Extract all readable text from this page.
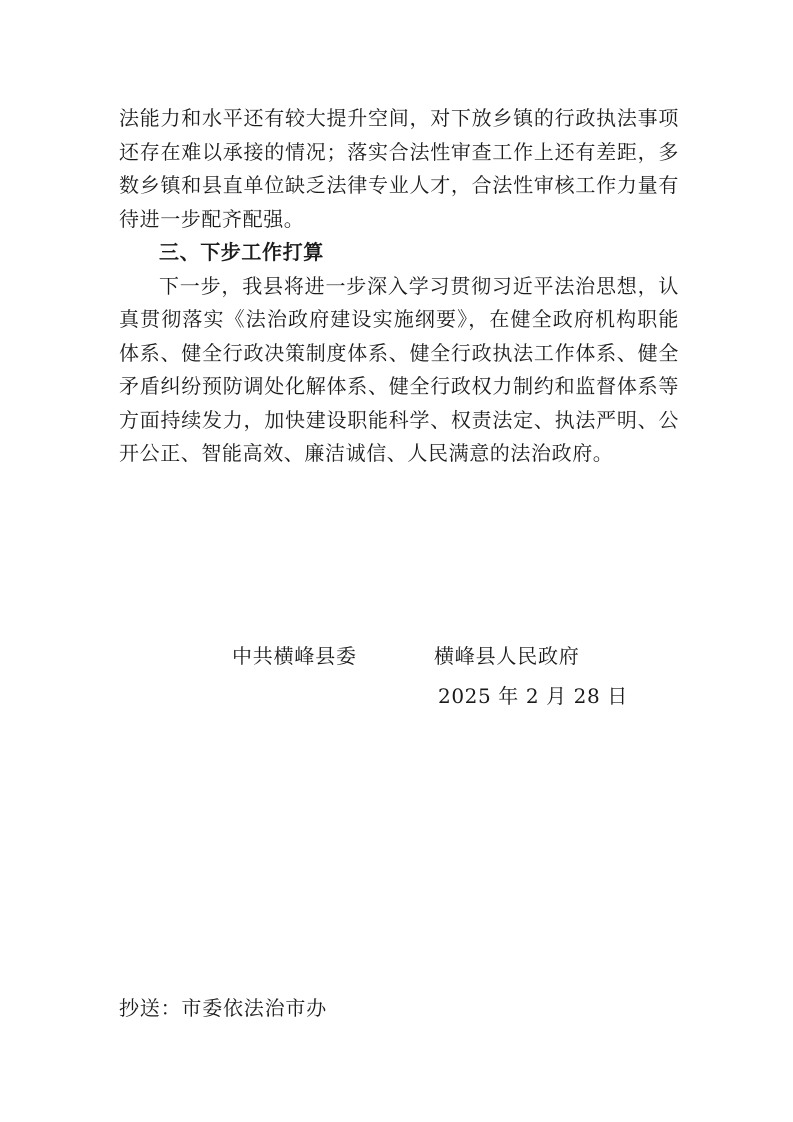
法能力和水平还有较大提升空间，对下放乡镇的行政执法事项还存在难以承接的情况；落实合法性审查工作上还有差距，多数乡镇和县直单位缺乏法律专业人才，合法性审核工作力量有待进一步配齐配强。

三、下步工作打算

下一步，我县将进一步深入学习贯彻习近平法治思想，认真贯彻落实《法治政府建设实施纲要》，在健全政府机构职能体系、健全行政决策制度体系、健全行政执法工作体系、健全矛盾纠纷预防调处化解体系、健全行政权力制约和监督体系等方面持续发力，加快建设职能科学、权责法定、执法严明、公开公正、智能高效、廉洁诚信、人民满意的法治政府。

中共横峰县委	横峰县人民政府
2025 年 2 月 28 日
抄送：市委依法治市办
